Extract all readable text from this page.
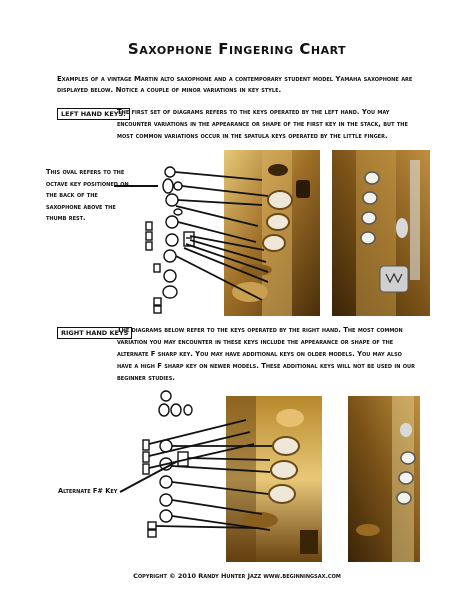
Saxophone Fingering Chart
Examples of a vintage Martin alto saxophone and a contemporary student model Yamaha saxophone are displayed below. Notice a couple of minor variations in key style.
LEFT HAND KEYS:
The first set of diagrams refers to the keys operated by the left hand. You may encounter variations in the appearance or shape of the first key in the stack, but the most common variations occur in the spatula keys operated by the little finger.
This oval refers to the octave key positioned on the back of the saxophone above the thumb rest.
RIGHT HAND KEYS
The diagrams below refer to the keys operated by the right hand. The most common variation you may encounter in these keys include the appearance or shape of the alternate F sharp key. You may have additional keys on older models. You may also have a high F sharp key on newer models. These additional keys will not be used in our beginner studies.
Alternate F# Key
Copyright © 2010 Randy Hunter Jazz www.beginningsax.com
